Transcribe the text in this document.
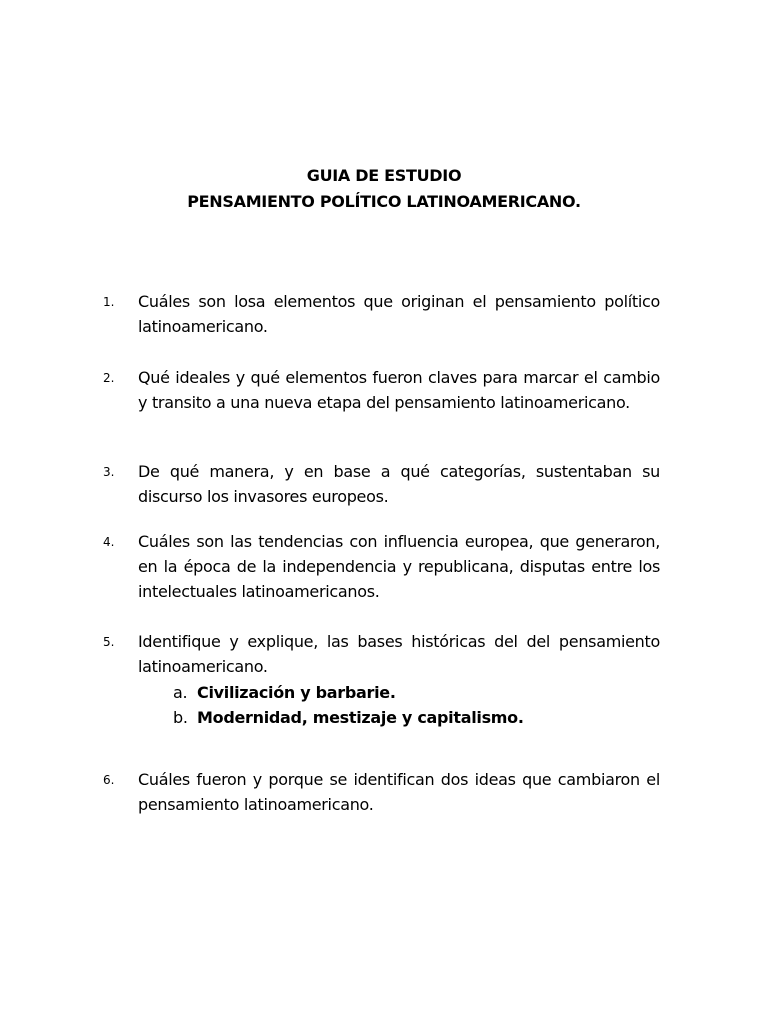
GUIA DE ESTUDIO
PENSAMIENTO POLÍTICO LATINOAMERICANO.
1. Cuáles son losa elementos que originan el pensamiento político latinoamericano.
2. Qué ideales y qué elementos fueron claves para marcar el cambio y transito a una nueva etapa del pensamiento latinoamericano.
3. De qué manera, y en base a qué categorías, sustentaban su discurso los invasores europeos.
4. Cuáles son las tendencias con influencia europea, que generaron, en la época de la independencia y republicana, disputas entre los intelectuales latinoamericanos.
5. Identifique y explique, las bases históricas del del pensamiento latinoamericano.
a. Civilización y barbarie.
b. Modernidad, mestizaje y capitalismo.
6. Cuáles fueron y porque se identifican dos ideas que cambiaron el pensamiento latinoamericano.
